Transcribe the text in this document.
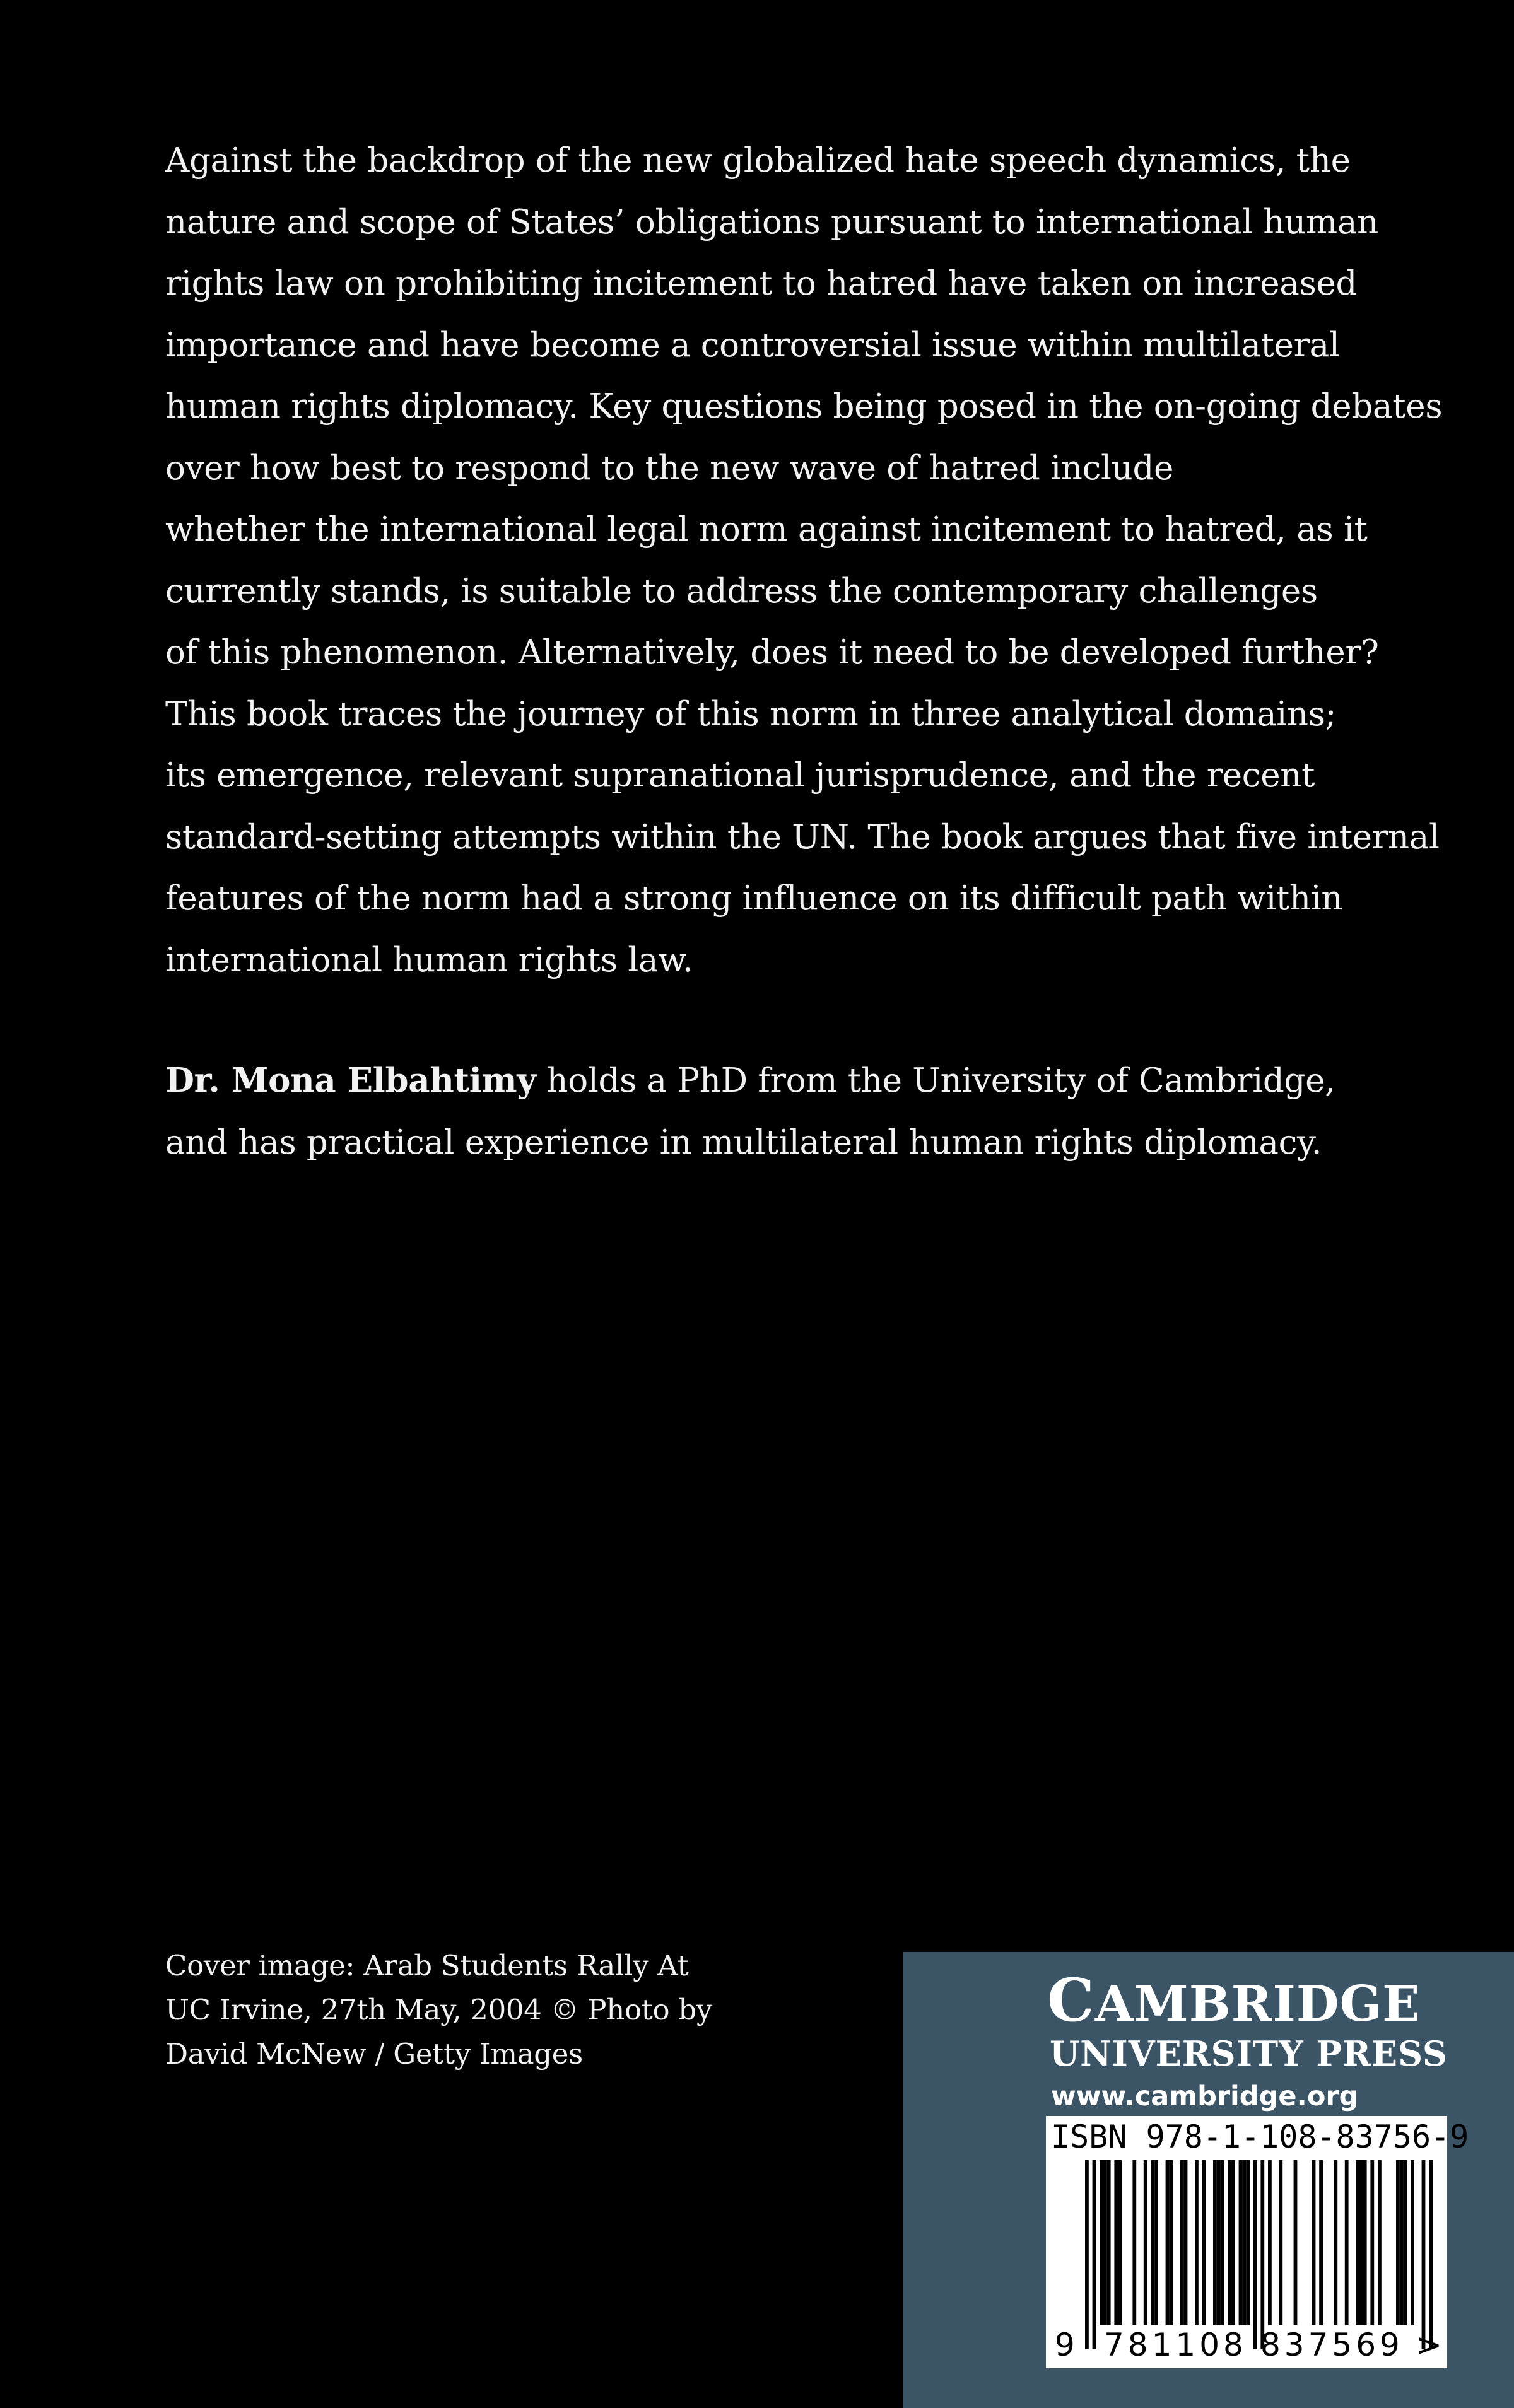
Against the backdrop of the new globalized hate speech dynamics, the
nature and scope of States’ obligations pursuant to international human
rights law on prohibiting incitement to hatred have taken on increased
importance and have become a controversial issue within multilateral
human rights diplomacy. Key questions being posed in the on-going debates
over how best to respond to the new wave of hatred include
whether the international legal norm against incitement to hatred, as it
currently stands, is suitable to address the contemporary challenges
of this phenomenon. Alternatively, does it need to be developed further?
This book traces the journey of this norm in three analytical domains;
its emergence, relevant supranational jurisprudence, and the recent
standard-setting attempts within the UN. The book argues that five internal
features of the norm had a strong influence on its difficult path within
international human rights law.
Dr. Mona Elbahtimy holds a PhD from the University of Cambridge,
and has practical experience in multilateral human rights diplomacy.
Cover image: Arab Students Rally At
UC Irvine, 27th May, 2004 © Photo by
David McNew / Getty Images
CAMBRIDGE
UNIVERSITY PRESS
www.cambridge.org
ISBN 978-1-108-83756-9
9 781108 837569 >
